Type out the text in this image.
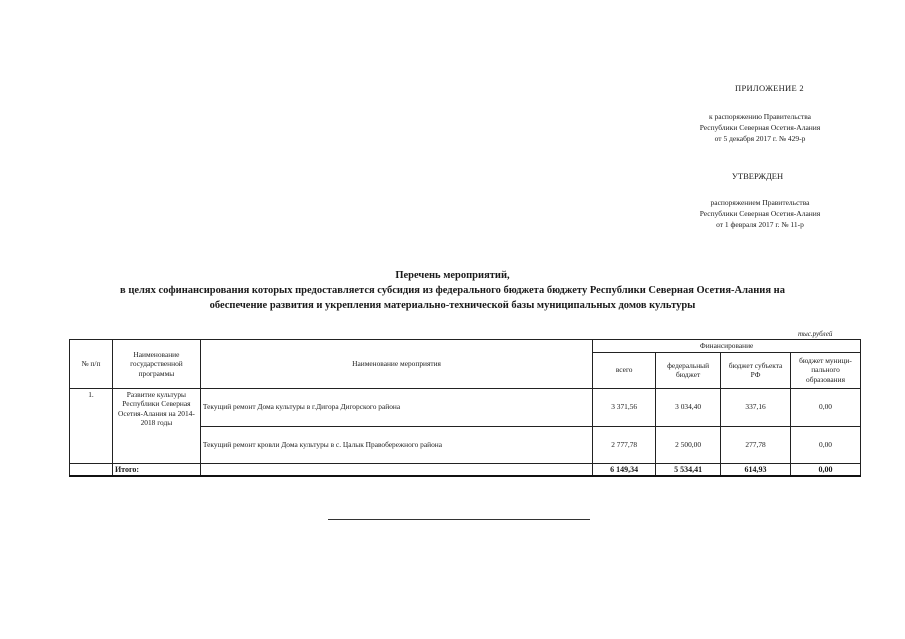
ПРИЛОЖЕНИЕ 2
к распоряжению Правительства
Республики Северная Осетия-Алания
от 5 декабря 2017 г. № 429-р
УТВЕРЖДЕН
распоряжением Правительства
Республики Северная Осетия-Алания
от 1 февраля 2017 г. № 11-р
Перечень мероприятий,
в целях софинансирования которых предоставляется субсидия из федерального бюджета бюджету Республики Северная Осетия-Алания на
обеспечение развития и укрепления материально-технической базы муниципальных домов культуры
тыс.рублей
№ п/п	Наименование государственной программы	Наименование мероприятия	Финансирование			
			всего	федеральный бюджет	бюджет субъекта РФ	бюджет муници-пального образования
1.	Развитие культуры Республики Северная Осетия-Алания на 2014-2018 годы	Текущий ремонт Дома культуры в г.Дигора Дигорского района	3 371,56	3 034,40	337,16	0,00
		Текущий ремонт кровли Дома культуры в с. Цалык Правобережного района	2 777,78	2 500,00	277,78	0,00
	Итого:		6 149,34	5 534,41	614,93	0,00
